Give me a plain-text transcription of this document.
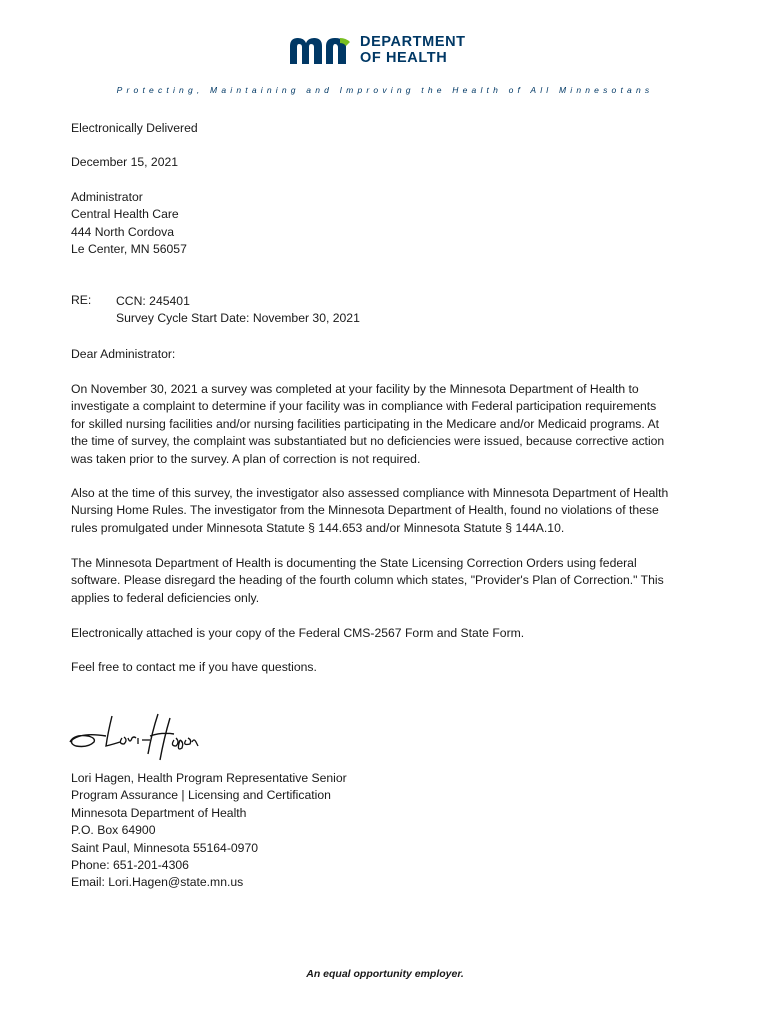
DEPARTMENT
OF HEALTH
Protecting, Maintaining and Improving the Health of All Minnesotans
Electronically Delivered
December 15, 2021
Administrator
Central Health Care
444 North Cordova
Le Center, MN 56057
RE: CCN: 245401
Survey Cycle Start Date: November 30, 2021
Dear Administrator:
On November 30, 2021 a survey was completed at your facility by the Minnesota Department of Health to
investigate a complaint to determine if your facility was in compliance with Federal participation requirements
for skilled nursing facilities and/or nursing facilities participating in the Medicare and/or Medicaid programs. At
the time of survey, the complaint was substantiated but no deficiencies were issued, because corrective action
was taken prior to the survey. A plan of correction is not required.
Also at the time of this survey, the investigator also assessed compliance with Minnesota Department of Health
Nursing Home Rules. The investigator from the Minnesota Department of Health, found no violations of these
rules promulgated under Minnesota Statute § 144.653 and/or Minnesota Statute § 144A.10.
The Minnesota Department of Health is documenting the State Licensing Correction Orders using federal
software. Please disregard the heading of the fourth column which states, "Provider's Plan of Correction." This
applies to federal deficiencies only.
Electronically attached is your copy of the Federal CMS-2567 Form and State Form.
Feel free to contact me if you have questions.
Lori Hagen, Health Program Representative Senior
Program Assurance | Licensing and Certification
Minnesota Department of Health
P.O. Box 64900
Saint Paul, Minnesota 55164-0970
Phone: 651-201-4306
Email: Lori.Hagen@state.mn.us
An equal opportunity employer.
